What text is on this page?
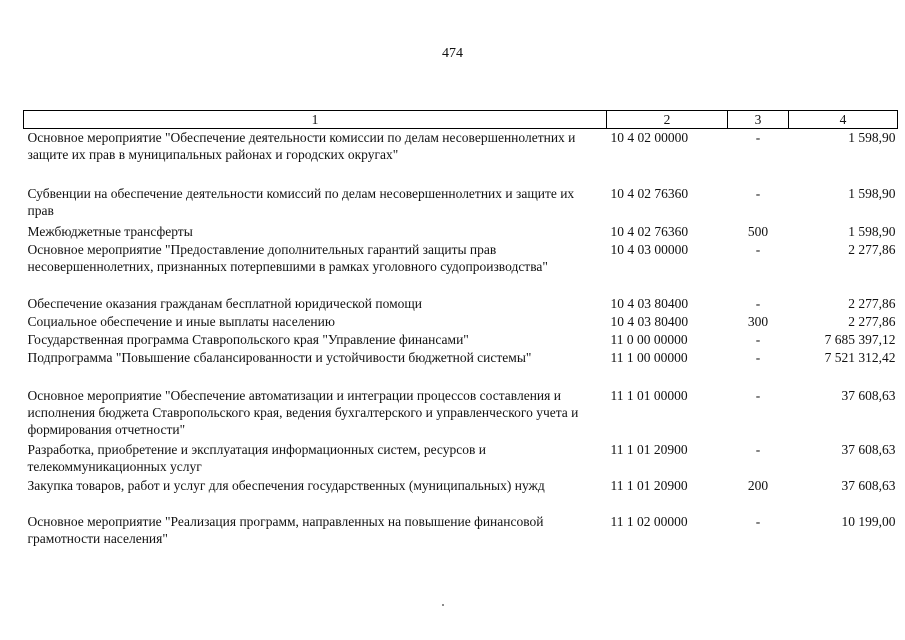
474
1	2	3	4
Основное мероприятие "Обеспечение деятельности комиссии по делам несовершеннолетних и защите их прав в муниципальных районах и городских округах"	10 4 02 00000	-	1 598,90
Субвенции на обеспечение деятельности комиссий по делам несовершеннолетних и защите их прав	10 4 02 76360	-	1 598,90
Межбюджетные трансферты	10 4 02 76360	500	1 598,90
Основное мероприятие "Предоставление дополнительных гарантий защиты прав несовершеннолетних, признанных потерпевшими в рамках уголовного судопроизводства"	10 4 03 00000	-	2 277,86
Обеспечение оказания гражданам бесплатной юридической помощи	10 4 03 80400	-	2 277,86
Социальное обеспечение и иные выплаты населению	10 4 03 80400	300	2 277,86
Государственная программа Ставропольского края "Управление финансами"	11 0 00 00000	-	7 685 397,12
Подпрограмма "Повышение сбалансированности и устойчивости бюджетной системы"	11 1 00 00000	-	7 521 312,42
Основное мероприятие "Обеспечение автоматизации и интеграции процессов составления и исполнения бюджета Ставропольского края, ведения бухгалтерского и управленческого учета и формирования отчетности"	11 1 01 00000	-	37 608,63
Разработка, приобретение и эксплуатация информационных систем, ресурсов и телекоммуникационных услуг	11 1 01 20900	-	37 608,63
Закупка товаров, работ и услуг для обеспечения государственных (муниципальных) нужд	11 1 01 20900	200	37 608,63
Основное мероприятие "Реализация программ, направленных на повышение финансовой грамотности населения"	11 1 02 00000	-	10 199,00
